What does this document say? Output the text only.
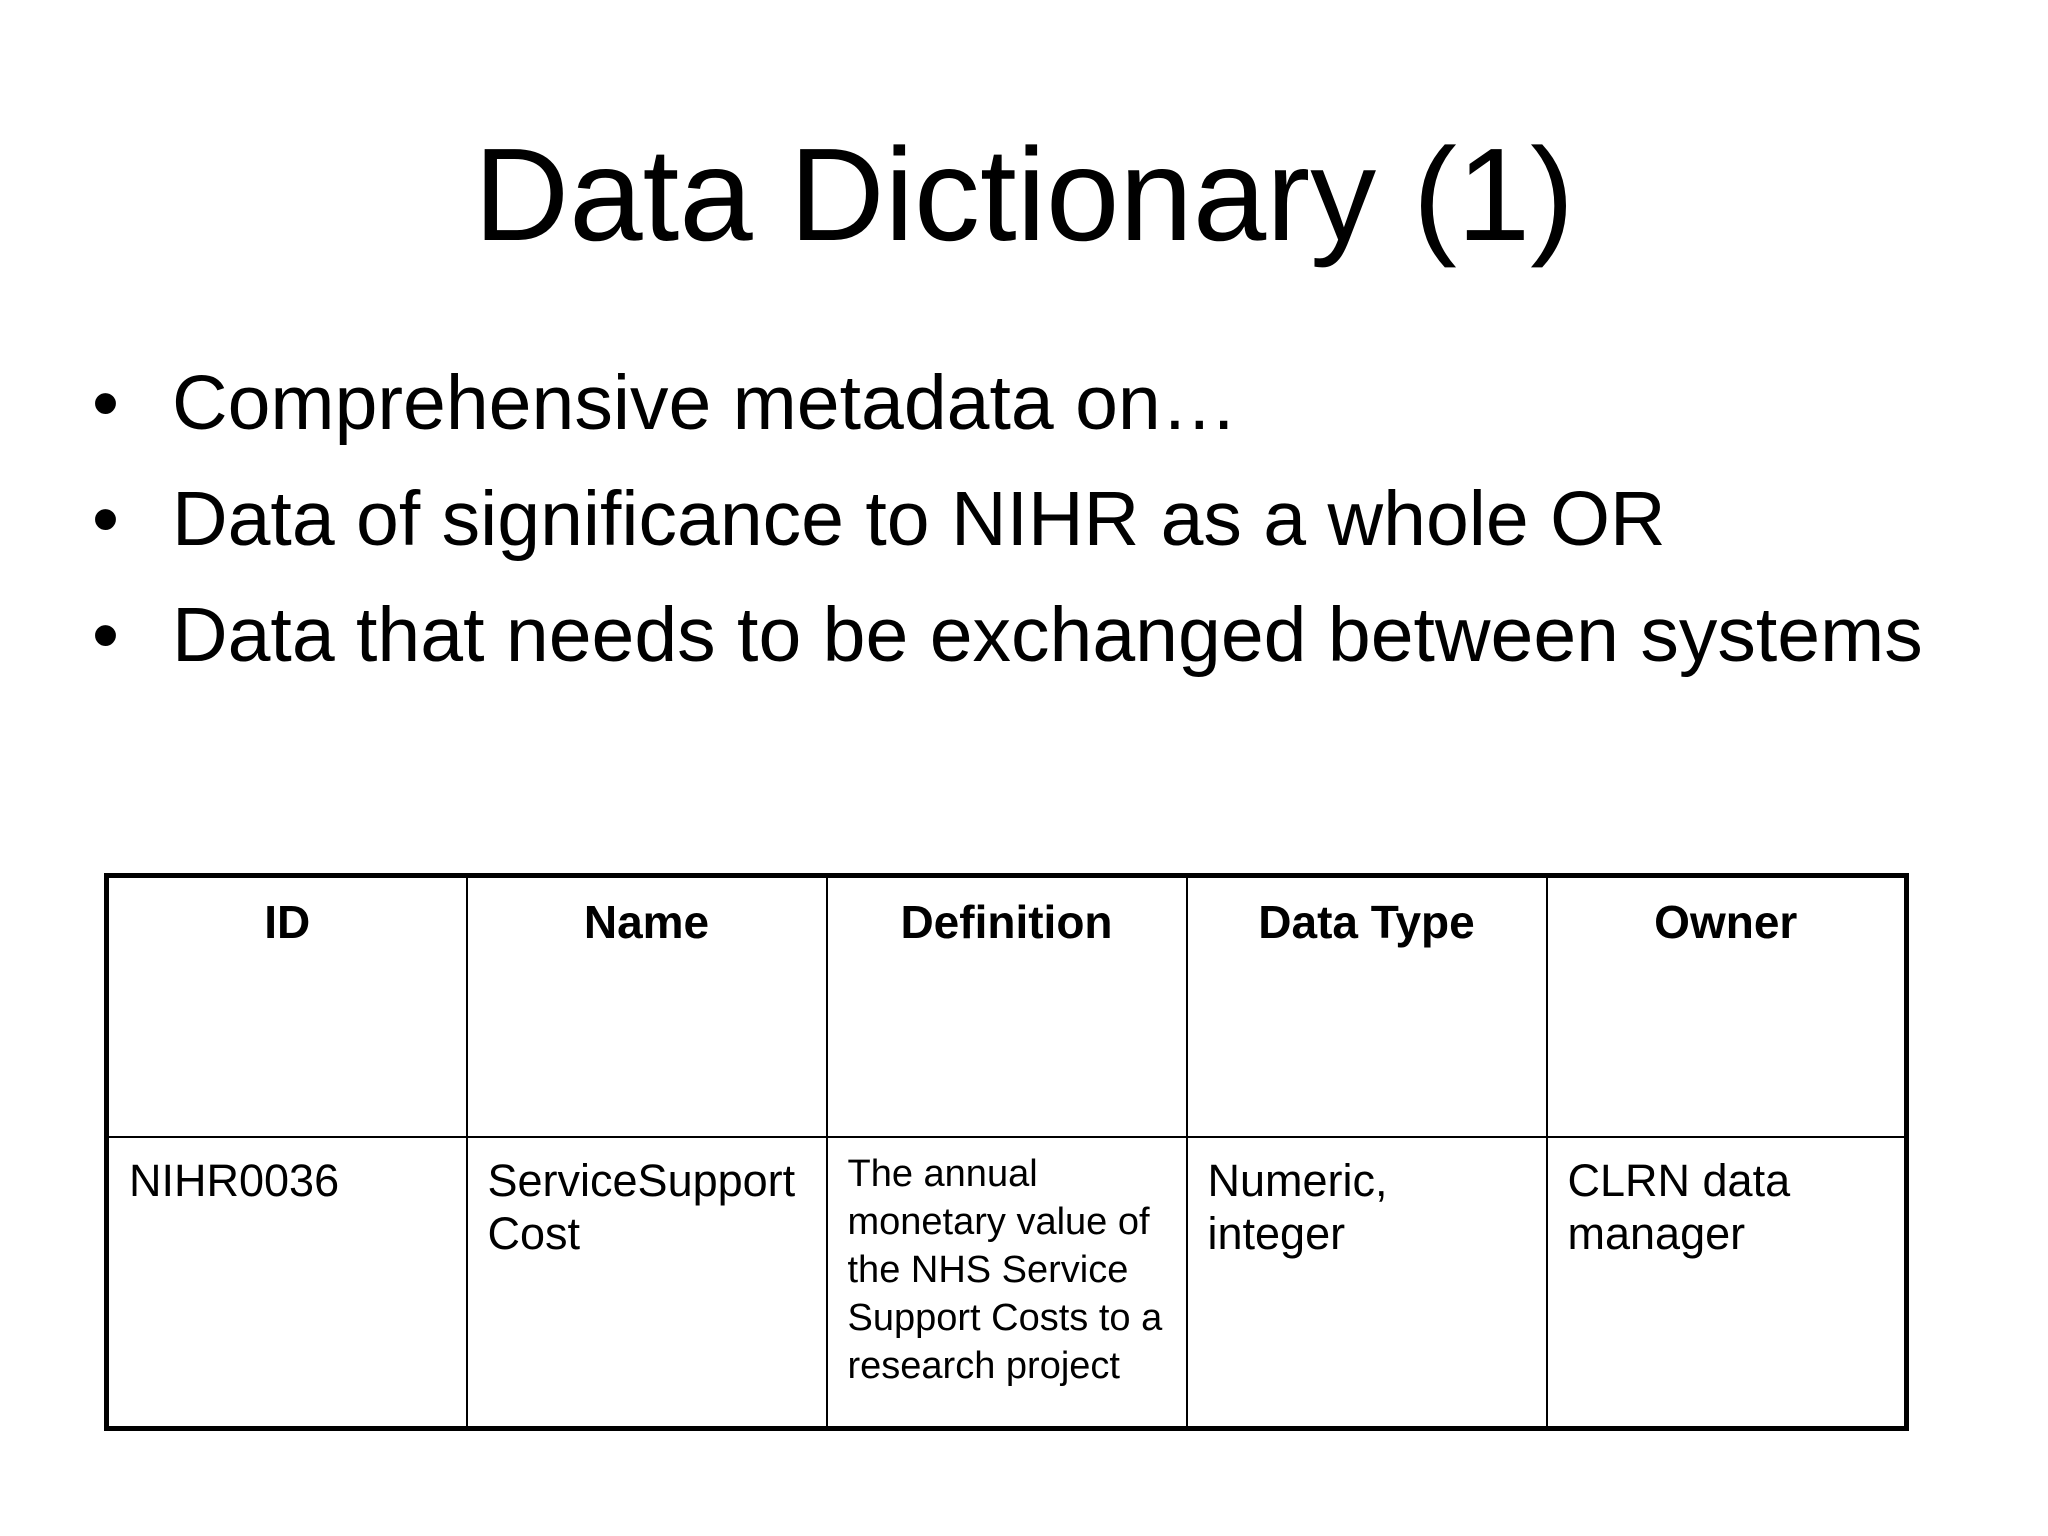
Data Dictionary (1)
• Comprehensive metadata on…
• Data of significance to NIHR as a whole OR
• Data that needs to be exchanged between systems
ID	Name	Definition	Data Type	Owner
NIHR0036	ServiceSupport Cost	The annual monetary value of the NHS Service Support Costs to a research project	Numeric, integer	CLRN data manager
